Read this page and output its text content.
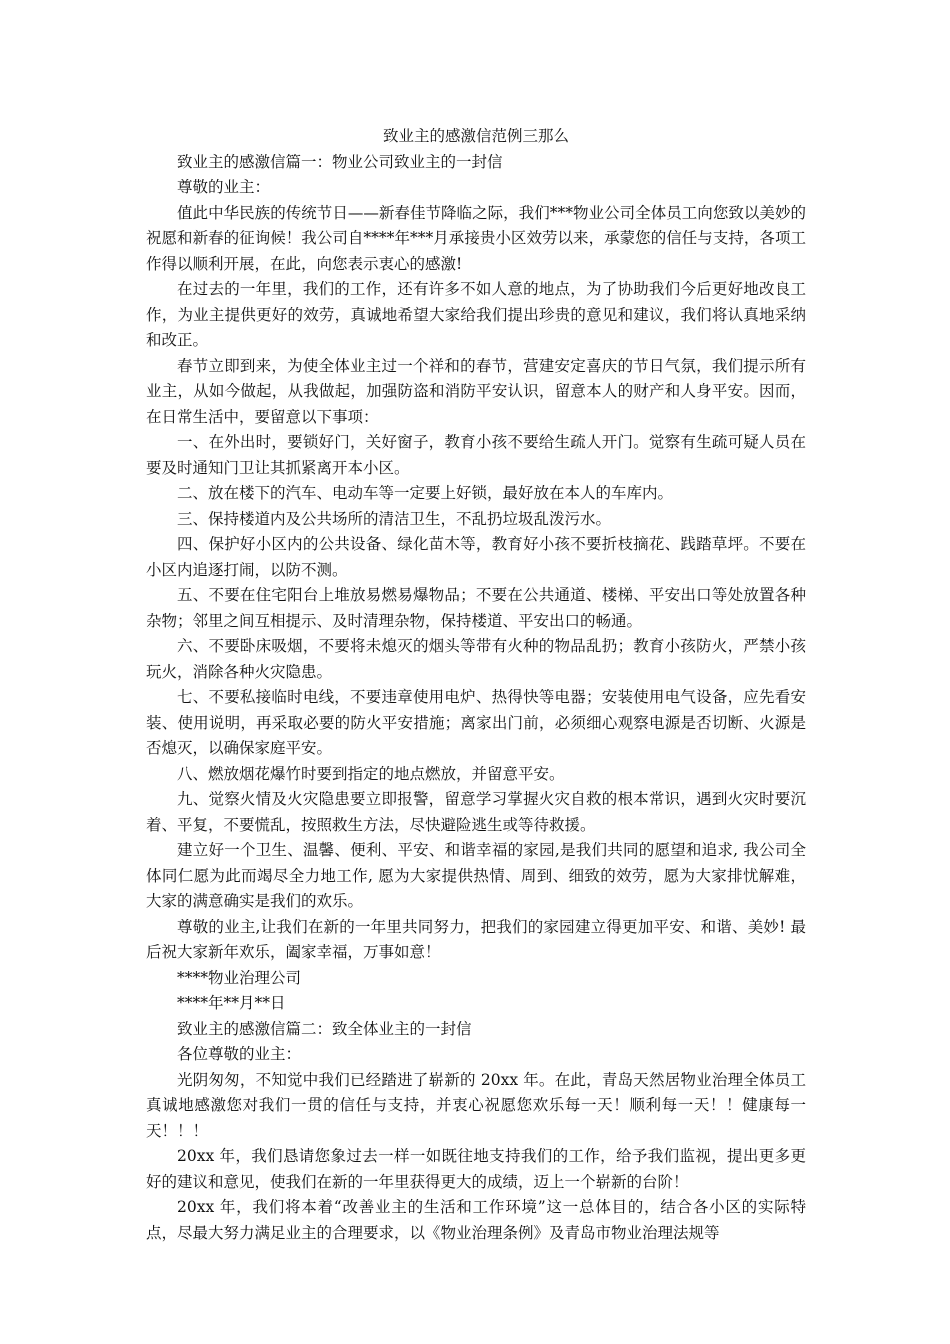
致业主的感激信范例三那么

致业主的感激信篇一：物业公司致业主的一封信

尊敬的业主：

值此中华民族的传统节日——新春佳节降临之际，我们***物业公司全体员工向您致以美妙的祝愿和新春的征询候！我公司自****年***月承接贵小区效劳以来，承蒙您的信任与支持，各项工作得以顺利开展，在此，向您表示衷心的感激!

在过去的一年里，我们的工作，还有许多不如人意的地点，为了协助我们今后更好地改良工作，为业主提供更好的效劳，真诚地希望大家给我们提出珍贵的意见和建议，我们将认真地采纳和改正。

春节立即到来，为使全体业主过一个祥和的春节，营建安定喜庆的节日气氛，我们提示所有业主，从如今做起，从我做起，加强防盗和消防平安认识，留意本人的财产和人身平安。因而，在日常生活中，要留意以下事项：

一、在外出时，要锁好门，关好窗子，教育小孩不要给生疏人开门。觉察有生疏可疑人员在要及时通知门卫让其抓紧离开本小区。

二、放在楼下的汽车、电动车等一定要上好锁，最好放在本人的车库内。

三、保持楼道内及公共场所的清洁卫生，不乱扔垃圾乱泼污水。

四、保护好小区内的公共设备、绿化苗木等，教育好小孩不要折枝摘花、践踏草坪。不要在小区内追逐打闹，以防不测。

五、不要在住宅阳台上堆放易燃易爆物品；不要在公共通道、楼梯、平安出口等处放置各种杂物；邻里之间互相提示、及时清理杂物，保持楼道、平安出口的畅通。

六、不要卧床吸烟，不要将未熄灭的烟头等带有火种的物品乱扔；教育小孩防火，严禁小孩玩火，消除各种火灾隐患。

七、不要私接临时电线，不要违章使用电炉、热得快等电器；安装使用电气设备，应先看安装、使用说明，再采取必要的防火平安措施；离家出门前，必须细心观察电源是否切断、火源是否熄灭，以确保家庭平安。

八、燃放烟花爆竹时要到指定的地点燃放，并留意平安。

九、觉察火情及火灾隐患要立即报警，留意学习掌握火灾自救的根本常识，遇到火灾时要沉着、平复，不要慌乱，按照救生方法，尽快避险逃生或等待救援。

建立好一个卫生、温馨、便利、平安、和谐幸福的家园,是我们共同的愿望和追求, 我公司全体同仁愿为此而竭尽全力地工作, 愿为大家提供热情、周到、细致的效劳，愿为大家排忧解难，大家的满意确实是我们的欢乐。

尊敬的业主,让我们在新的一年里共同努力，把我们的家园建立得更加平安、和谐、美妙! 最后祝大家新年欢乐，阖家幸福，万事如意！

****物业治理公司

****年**月**日

致业主的感激信篇二：致全体业主的一封信

各位尊敬的业主：

光阴匆匆，不知觉中我们已经踏进了崭新的 20xx 年。在此，青岛天然居物业治理全体员工真诚地感激您对我们一贯的信任与支持，并衷心祝愿您欢乐每一天！顺利每一天！！健康每一天！！！

20xx 年，我们恳请您象过去一样一如既往地支持我们的工作，给予我们监视，提出更多更好的建议和意见，使我们在新的一年里获得更大的成绩，迈上一个崭新的台阶！

20xx 年，我们将本着“改善业主的生活和工作环境”这一总体目的，结合各小区的实际特点，尽最大努力满足业主的合理要求，以《物业治理条例》及青岛市物业治理法规等
